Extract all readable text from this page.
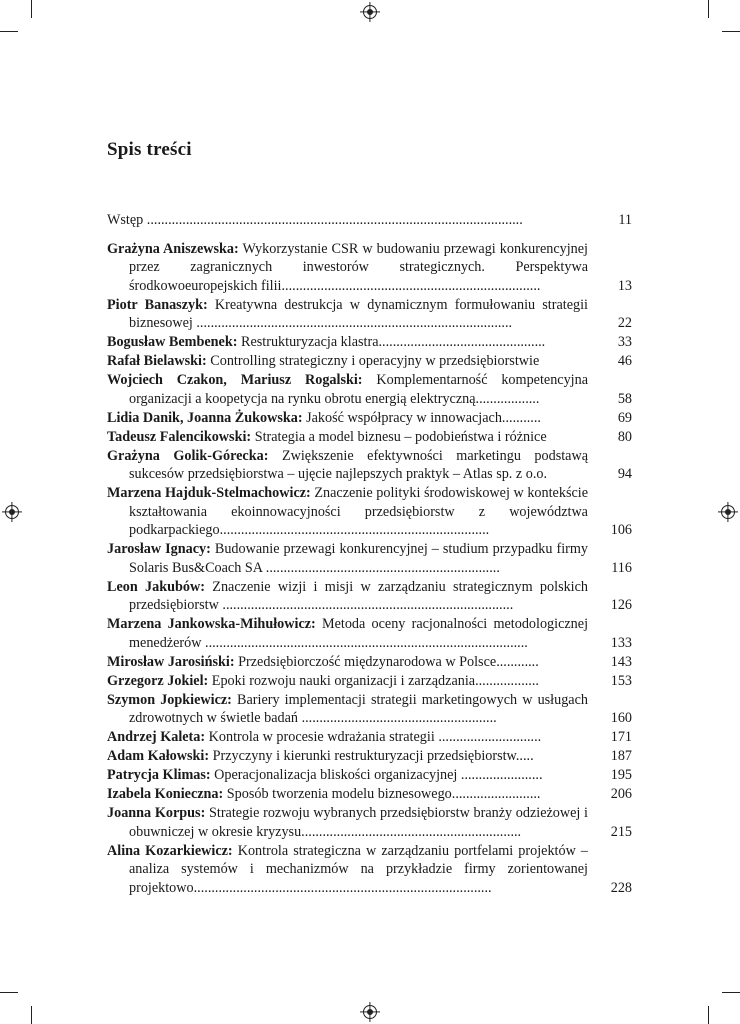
Spis treści
Wstęp ..........................................................................................................	11
Grażyna Aniszewska: Wykorzystanie CSR w budowaniu przewagi konkurencyjnej przez zagranicznych inwestorów strategicznych. Perspektywa środkowoeuropejskich filii.........................................................................	13
Piotr Banaszyk: Kreatywna destrukcja w dynamicznym formułowaniu strategii biznesowej .........................................................................................	22
Bogusław Bembenek: Restrukturyzacja klastra...............................................	33
Rafał Bielawski: Controlling strategiczny i operacyjny w przedsiębiorstwie	46
Wojciech Czakon, Mariusz Rogalski: Komplementarność kompetencyjna organizacji a koopetycja na rynku obrotu energią elektryczną..................	58
Lidia Danik, Joanna Żukowska: Jakość współpracy w innowacjach...........	69
Tadeusz Falencikowski: Strategia a model biznesu – podobieństwa i różnice	80
Grażyna Golik-Górecka: Zwiększenie efektywności marketingu podstawą sukcesów przedsiębiorstwa – ujęcie najlepszych praktyk – Atlas sp. z o.o.	94
Marzena Hajduk-Stelmachowicz: Znaczenie polityki środowiskowej w kontekście kształtowania ekoinnowacyjności przedsiębiorstw z województwa podkarpackiego............................................................................	106
Jarosław Ignacy: Budowanie przewagi konkurencyjnej – studium przypadku firmy Solaris Bus&Coach SA ..................................................................	116
Leon Jakubów: Znaczenie wizji i misji w zarządzaniu strategicznym polskich przedsiębiorstw ..................................................................................	126
Marzena Jankowska-Mihułowicz: Metoda oceny racjonalności metodologicznej menedżerów ...........................................................................................	133
Mirosław Jarosiński: Przedsiębiorczość międzynarodowa w Polsce............	143
Grzegorz Jokiel: Epoki rozwoju nauki organizacji i zarządzania..................	153
Szymon Jopkiewicz: Bariery implementacji strategii marketingowych w usługach zdrowotnych w świetle badań .......................................................	160
Andrzej Kaleta: Kontrola w procesie wdrażania strategii .............................	171
Adam Kałowski: Przyczyny i kierunki restrukturyzacji przedsiębiorstw.....	187
Patrycja Klimas: Operacjonalizacja bliskości organizacyjnej .......................	195
Izabela Konieczna: Sposób tworzenia modelu biznesowego.........................	206
Joanna Korpus: Strategie rozwoju wybranych przedsiębiorstw branży odzieżowej i obuwniczej w okresie kryzysu..............................................................	215
Alina Kozarkiewicz: Kontrola strategiczna w zarządzaniu portfelami projektów – analiza systemów i mechanizmów na przykładzie firmy zorientowanej projektowo....................................................................................	228
